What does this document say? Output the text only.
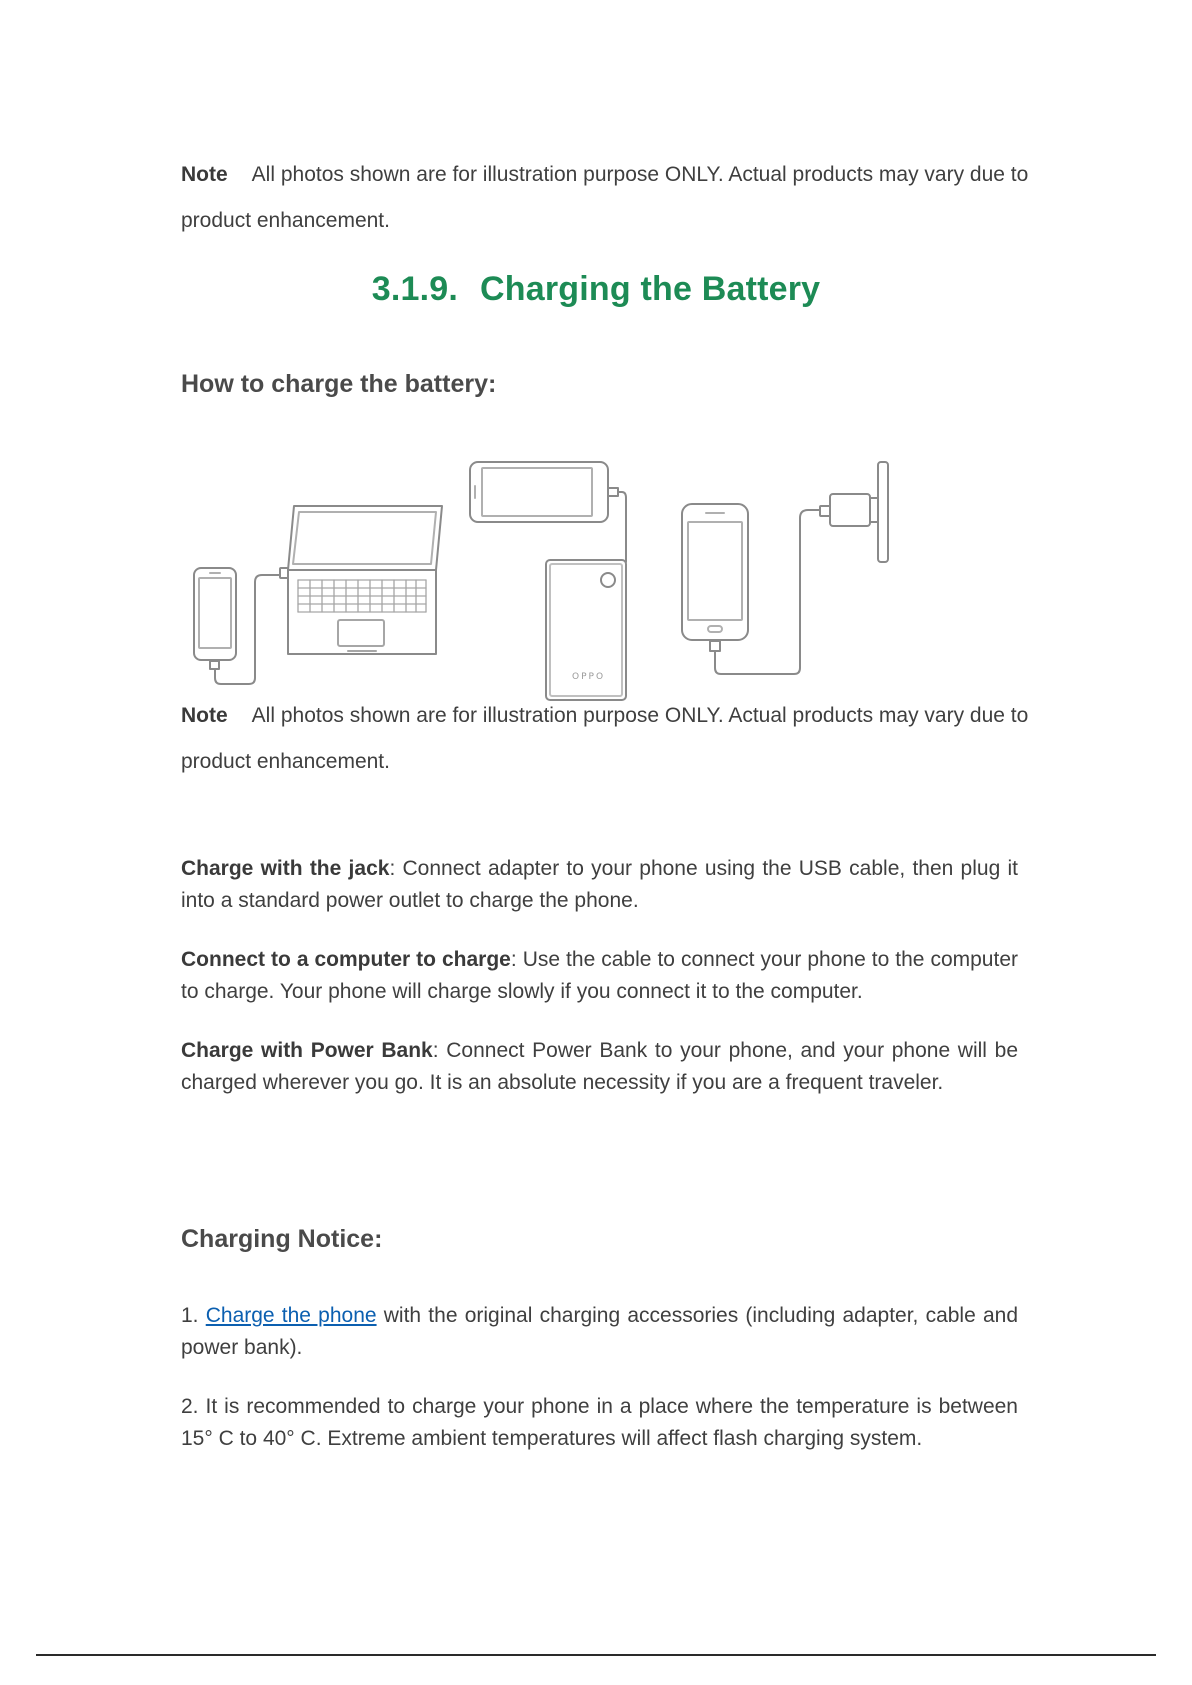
Note All photos shown are for illustration purpose ONLY. Actual products may vary due to product enhancement.
3.1.9. Charging the Battery
How to charge the battery:
OPPO
Note All photos shown are for illustration purpose ONLY. Actual products may vary due to product enhancement.
Charge with the jack: Connect adapter to your phone using the USB cable, then plug it into a standard power outlet to charge the phone.
Connect to a computer to charge: Use the cable to connect your phone to the computer to charge. Your phone will charge slowly if you connect it to the computer.
Charge with Power Bank: Connect Power Bank to your phone, and your phone will be charged wherever you go. It is an absolute necessity if you are a frequent traveler.
Charging Notice:
1. Charge the phone with the original charging accessories (including adapter, cable and power bank).
2. It is recommended to charge your phone in a place where the temperature is between 15° C to 40° C. Extreme ambient temperatures will affect flash charging system.
